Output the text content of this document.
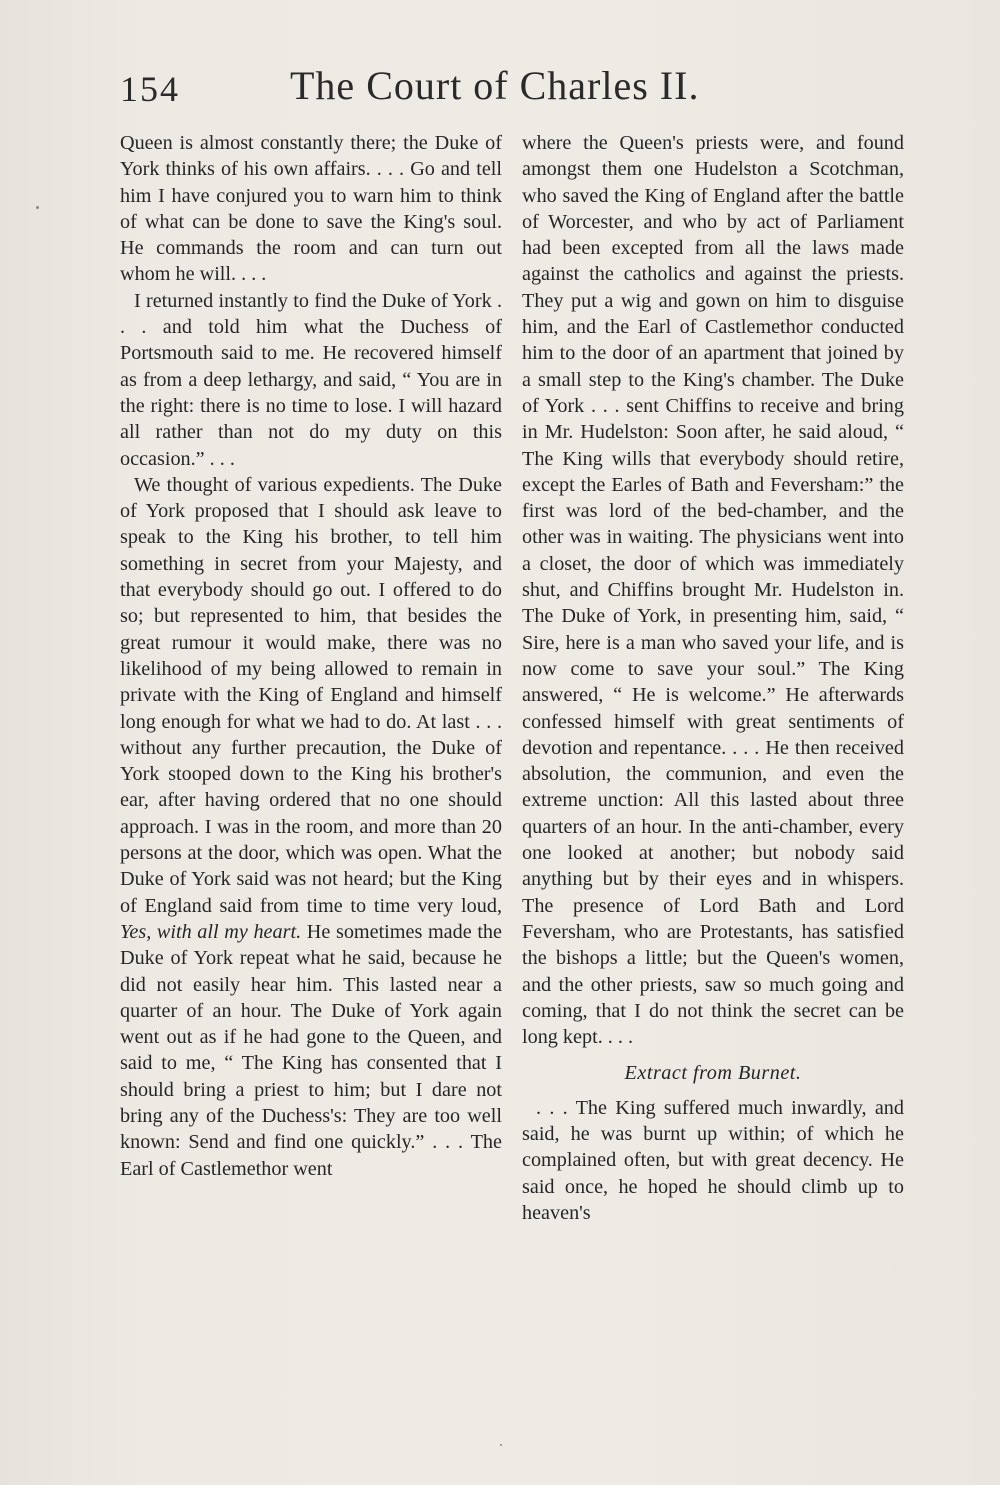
154	The Court of Charles II.

Queen is almost constantly there; the Duke of York thinks of his own affairs. . . . Go and tell him I have conjured you to warn him to think of what can be done to save the King's soul. He commands the room and can turn out whom he will. . . .

I returned instantly to find the Duke of York . . . and told him what the Duchess of Portsmouth said to me. He recovered himself as from a deep lethargy, and said, “ You are in the right: there is no time to lose. I will hazard all rather than not do my duty on this occasion.” . . .

We thought of various expedients. The Duke of York proposed that I should ask leave to speak to the King his brother, to tell him something in secret from your Majesty, and that everybody should go out. I offered to do so; but represented to him, that besides the great rumour it would make, there was no likelihood of my being allowed to remain in private with the King of England and himself long enough for what we had to do. At last . . . without any further precaution, the Duke of York stooped down to the King his brother's ear, after having ordered that no one should approach. I was in the room, and more than 20 persons at the door, which was open. What the Duke of York said was not heard; but the King of England said from time to time very loud, Yes, with all my heart. He sometimes made the Duke of York repeat what he said, because he did not easily hear him. This lasted near a quarter of an hour. The Duke of York again went out as if he had gone to the Queen, and said to me, “ The King has consented that I should bring a priest to him; but I dare not bring any of the Duchess's: They are too well known: Send and find one quickly.” . . . The Earl of Castlemethor went

where the Queen's priests were, and found amongst them one Hudelston a Scotchman, who saved the King of England after the battle of Worcester, and who by act of Parliament had been excepted from all the laws made against the catholics and against the priests. They put a wig and gown on him to disguise him, and the Earl of Castlemethor conducted him to the door of an apartment that joined by a small step to the King's chamber. The Duke of York . . . sent Chiffins to receive and bring in Mr. Hudelston: Soon after, he said aloud, “ The King wills that everybody should retire, except the Earles of Bath and Feversham:” the first was lord of the bed-chamber, and the other was in waiting. The physicians went into a closet, the door of which was immediately shut, and Chiffins brought Mr. Hudelston in. The Duke of York, in presenting him, said, “ Sire, here is a man who saved your life, and is now come to save your soul.” The King answered, “ He is welcome.” He afterwards confessed himself with great sentiments of devotion and repentance. . . . He then received absolution, the communion, and even the extreme unction: All this lasted about three quarters of an hour. In the anti-chamber, every one looked at another; but nobody said anything but by their eyes and in whispers. The presence of Lord Bath and Lord Feversham, who are Protestants, has satisfied the bishops a little; but the Queen's women, and the other priests, saw so much going and coming, that I do not think the secret can be long kept. . . .

Extract from Burnet.

. . . The King suffered much inwardly, and said, he was burnt up within; of which he complained often, but with great decency. He said once, he hoped he should climb up to heaven's
